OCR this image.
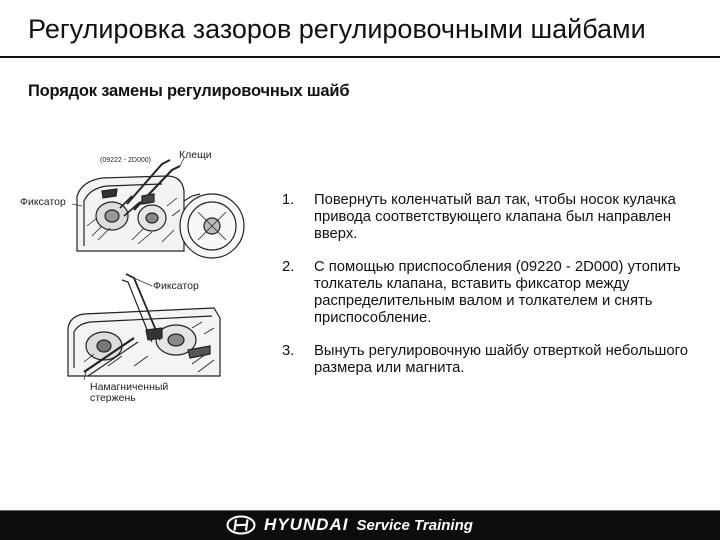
Регулировка зазоров регулировочными шайбами
Порядок замены регулировочных шайб
(09222 - 2D000)	Клещи
Фиксатор
Фиксатор
Намагниченный стержень
1. Повернуть коленчатый вал так, чтобы носок кулачка привода соответствующего клапана был направлен вверх.
2. С помощью приспособления (09220 - 2D000) утопить толкатель клапана, вставить фиксатор между распределительным валом и толкателем и снять приспособление.
3. Вынуть регулировочную шайбу отверткой небольшого размера или магнита.
HYUNDAI Service Training
